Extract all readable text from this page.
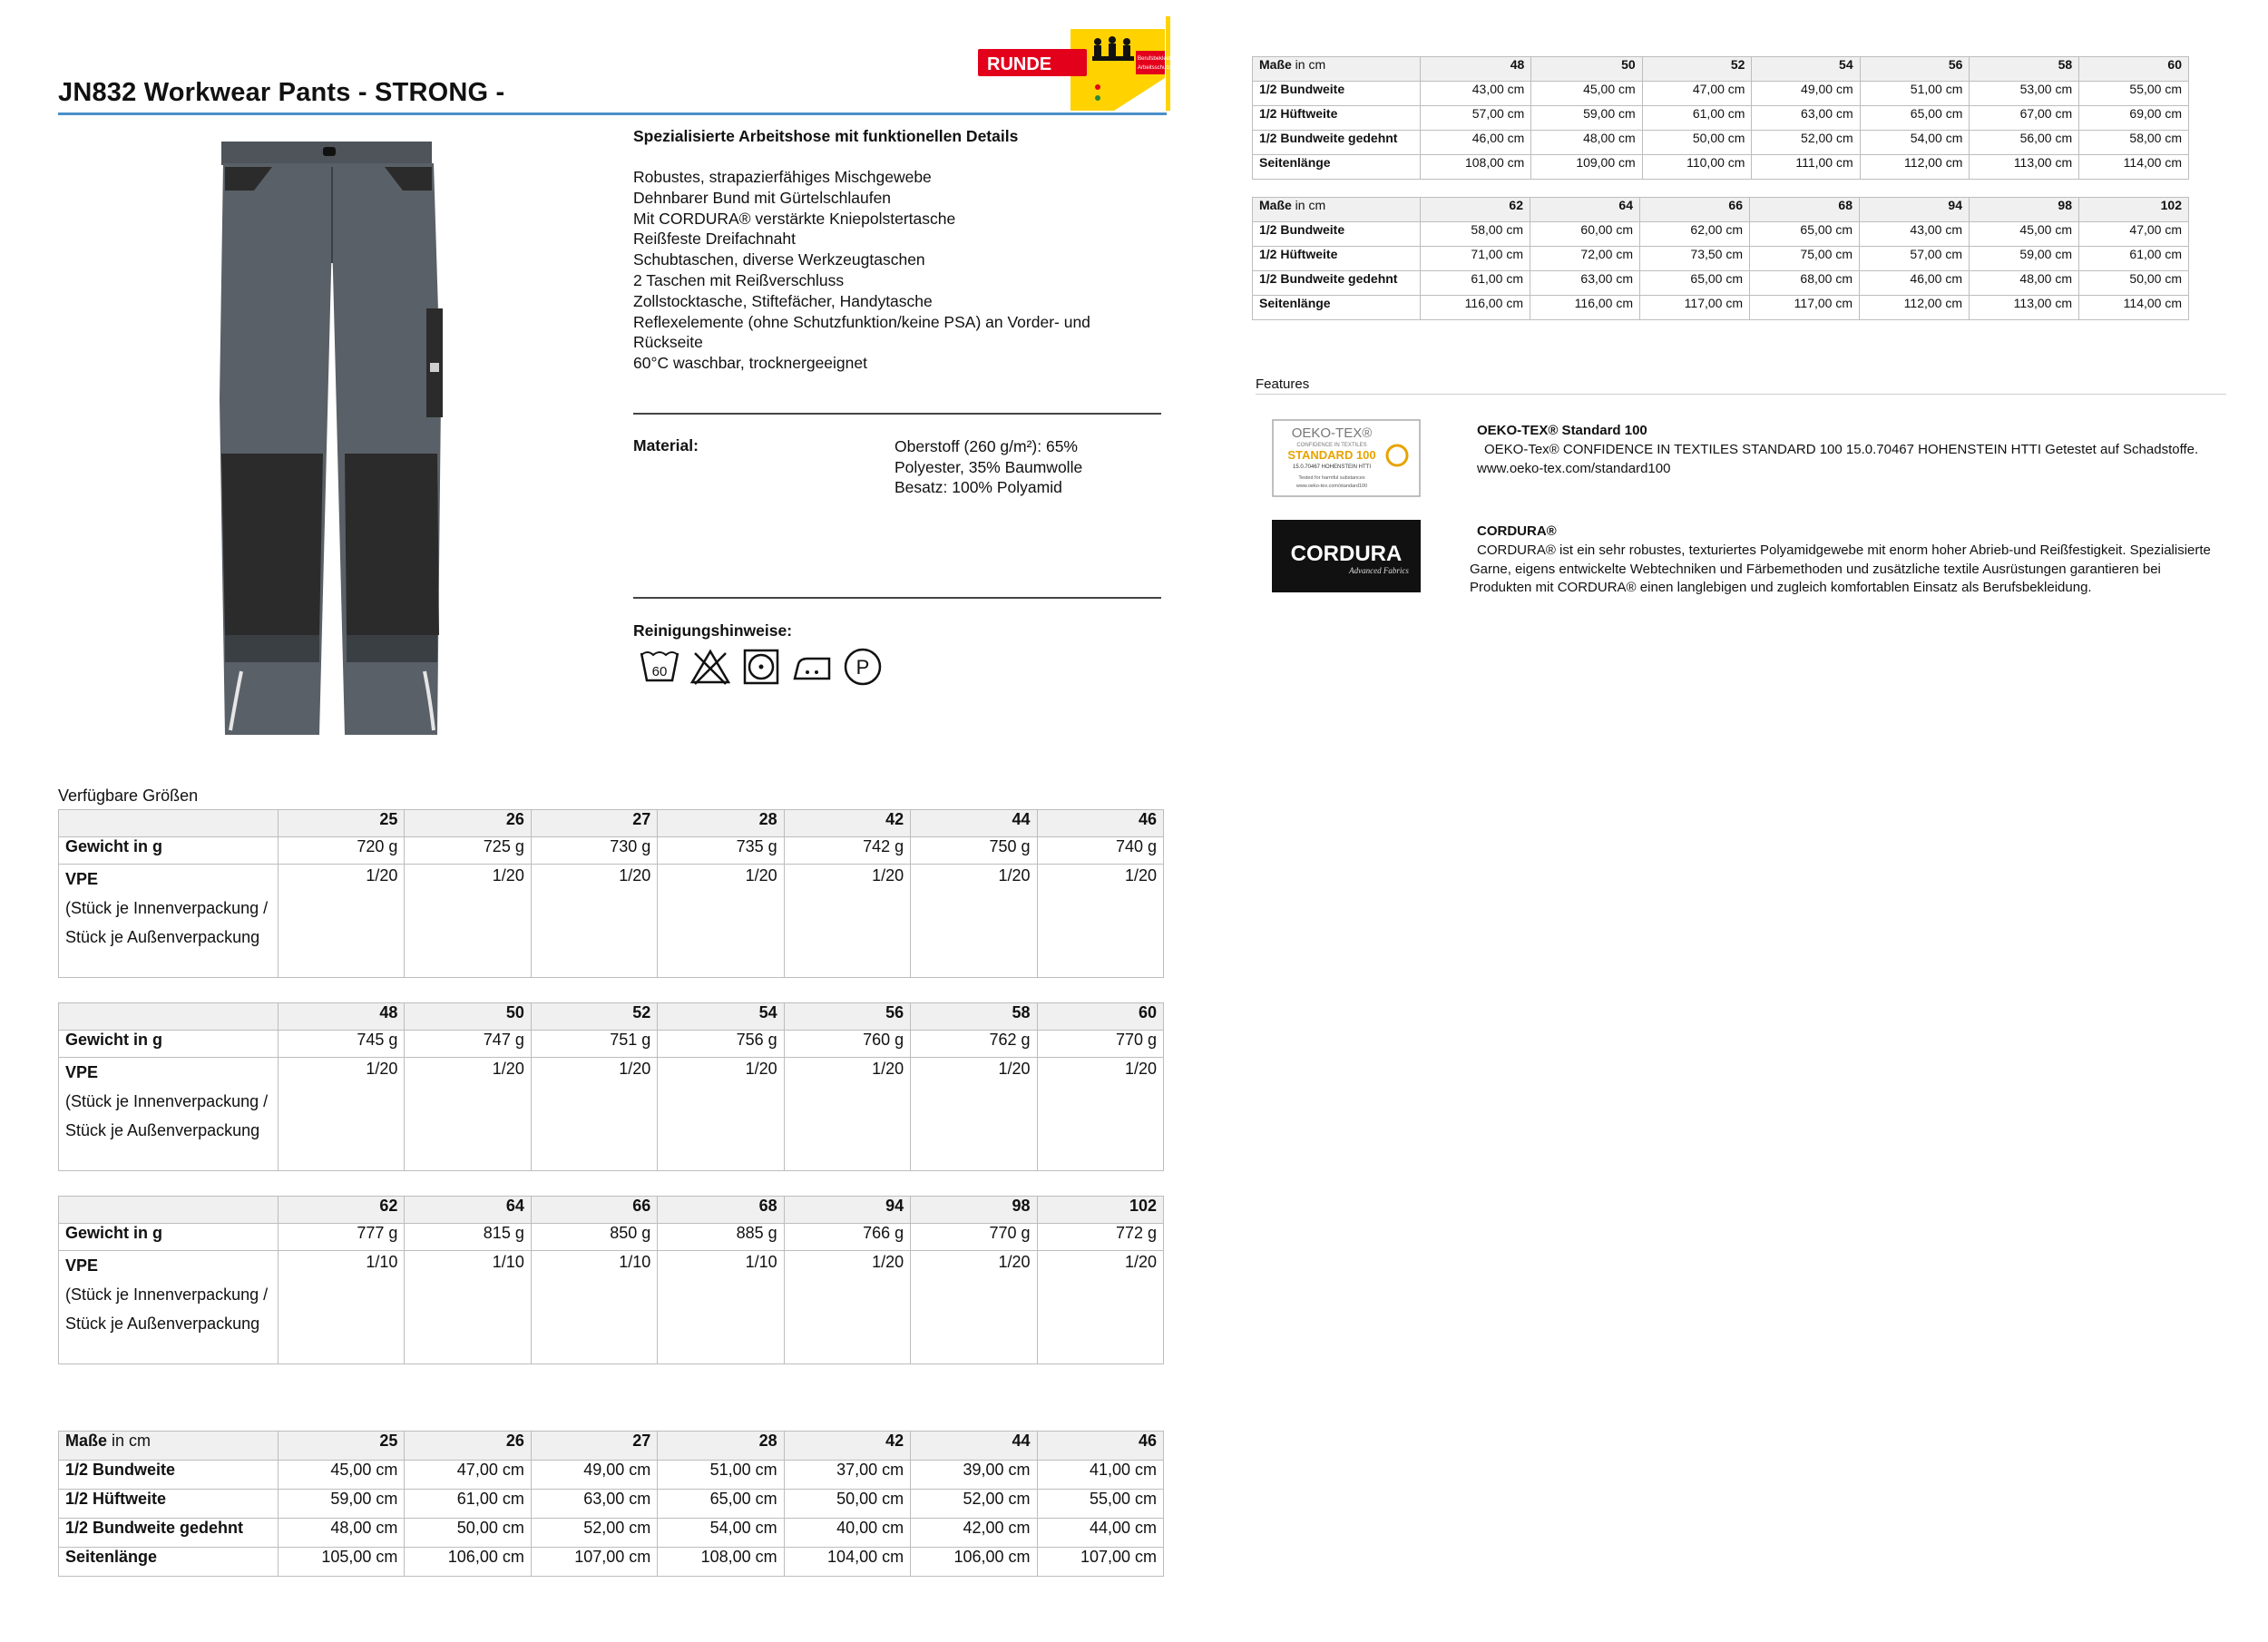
JN832 Workwear Pants - STRONG -
RUNDE	Berufsbekleidung
Arbeitsschutz
Spezialisierte Arbeitshose mit funktionellen Details
Robustes, strapazierfähiges Mischgewebe
Dehnbarer Bund mit Gürtelschlaufen
Mit CORDURA® verstärkte Kniepolstertasche
Reißfeste Dreifachnaht
Schubtaschen, diverse Werkzeugtaschen
2 Taschen mit Reißverschluss
Zollstocktasche, Stiftefächer, Handytasche
Reflexelemente (ohne Schutzfunktion/keine PSA) an Vorder- und Rückseite
60°C waschbar, trocknergeeignet
Material:	Oberstoff (260 g/m²): 65%
Polyester, 35% Baumwolle
Besatz: 100% Polyamid
Reinigungshinweise:
60	P
Verfügbare Größen
	25	26	27	28	42	44	46
Gewicht in g	720 g	725 g	730 g	735 g	742 g	750 g	740 g

VPE
(Stück je Innenverpackung / Stück je Außenverpackung	1/20	1/20	1/20	1/20	1/20	1/20	1/20
	48	50	52	54	56	58	60
Gewicht in g	745 g	747 g	751 g	756 g	760 g	762 g	770 g

VPE
(Stück je Innenverpackung / Stück je Außenverpackung	1/20	1/20	1/20	1/20	1/20	1/20	1/20
	62	64	66	68	94	98	102
Gewicht in g	777 g	815 g	850 g	885 g	766 g	770 g	772 g

VPE
(Stück je Innenverpackung / Stück je Außenverpackung	1/10	1/10	1/10	1/10	1/20	1/20	1/20
Maße in cm	25	26	27	28	42	44	46
1/2 Bundweite	45,00 cm	47,00 cm	49,00 cm	51,00 cm	37,00 cm	39,00 cm	41,00 cm
1/2 Hüftweite	59,00 cm	61,00 cm	63,00 cm	65,00 cm	50,00 cm	52,00 cm	55,00 cm
1/2 Bundweite gedehnt	48,00 cm	50,00 cm	52,00 cm	54,00 cm	40,00 cm	42,00 cm	44,00 cm
Seitenlänge	105,00 cm	106,00 cm	107,00 cm	108,00 cm	104,00 cm	106,00 cm	107,00 cm
Maße in cm	48	50	52	54	56	58	60
1/2 Bundweite	43,00 cm	45,00 cm	47,00 cm	49,00 cm	51,00 cm	53,00 cm	55,00 cm
1/2 Hüftweite	57,00 cm	59,00 cm	61,00 cm	63,00 cm	65,00 cm	67,00 cm	69,00 cm
1/2 Bundweite gedehnt	46,00 cm	48,00 cm	50,00 cm	52,00 cm	54,00 cm	56,00 cm	58,00 cm
Seitenlänge	108,00 cm	109,00 cm	110,00 cm	111,00 cm	112,00 cm	113,00 cm	114,00 cm
Maße in cm	62	64	66	68	94	98	102
1/2 Bundweite	58,00 cm	60,00 cm	62,00 cm	65,00 cm	43,00 cm	45,00 cm	47,00 cm
1/2 Hüftweite	71,00 cm	72,00 cm	73,50 cm	75,00 cm	57,00 cm	59,00 cm	61,00 cm
1/2 Bundweite gedehnt	61,00 cm	63,00 cm	65,00 cm	68,00 cm	46,00 cm	48,00 cm	50,00 cm
Seitenlänge	116,00 cm	116,00 cm	117,00 cm	117,00 cm	112,00 cm	113,00 cm	114,00 cm
Features
OEKO-TEX®
CONFIDENCE IN TEXTILES
STANDARD 100
15.0.70467 HOHENSTEIN HTTI
Tested for harmful substances
www.oeko-tex.com/standard100
OEKO-TEX® Standard 100
OEKO-Tex® CONFIDENCE IN TEXTILES STANDARD 100 15.0.70467 HOHENSTEIN HTTI Getestet auf Schadstoffe. www.oeko-tex.com/standard100
CORDURA
Advanced Fabrics
CORDURA®
CORDURA® ist ein sehr robustes, texturiertes Polyamidgewebe mit enorm hoher Abrieb-und Reißfestigkeit. Spezialisierte Garne, eigens entwickelte Webtechniken und Färbemethoden und zusätzliche textile Ausrüstungen garantieren bei Produkten mit CORDURA® einen langlebigen und zugleich komfortablen Einsatz als Berufsbekleidung.
